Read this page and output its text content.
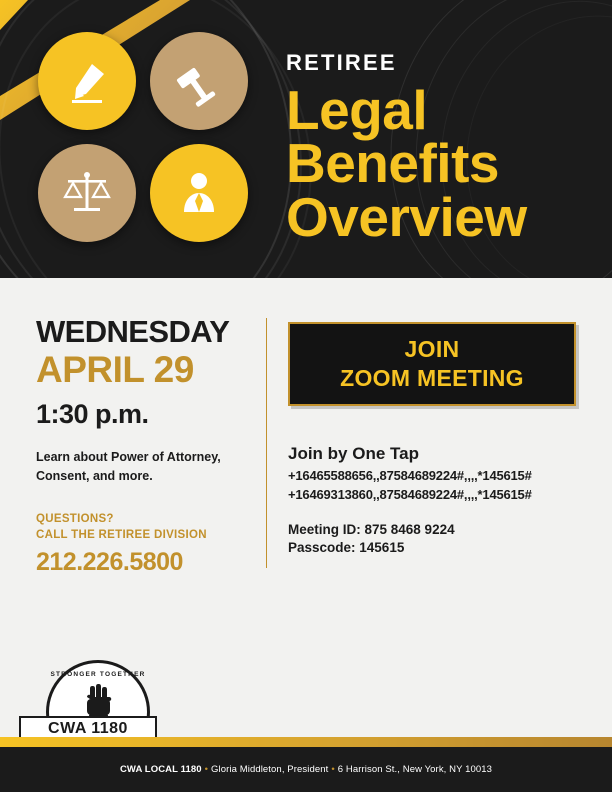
RETIREE
Legal
Benefits
Overview
WEDNESDAY
APRIL 29
1:30 p.m.
Learn about Power of Attorney,
Consent, and more.
QUESTIONS?
CALL THE RETIREE DIVISION
212.226.5800
JOIN
ZOOM MEETING
Join by One Tap
+16465588656,,87584689224#,,,,*145615#
+16469313860,,87584689224#,,,,*145615#
Meeting ID: 875 8468 9224
Passcode: 145615
STRONGER TOGETHER
CWA 1180
CWA LOCAL 1180 • Gloria Middleton, President • 6 Harrison St., New York, NY 10013
